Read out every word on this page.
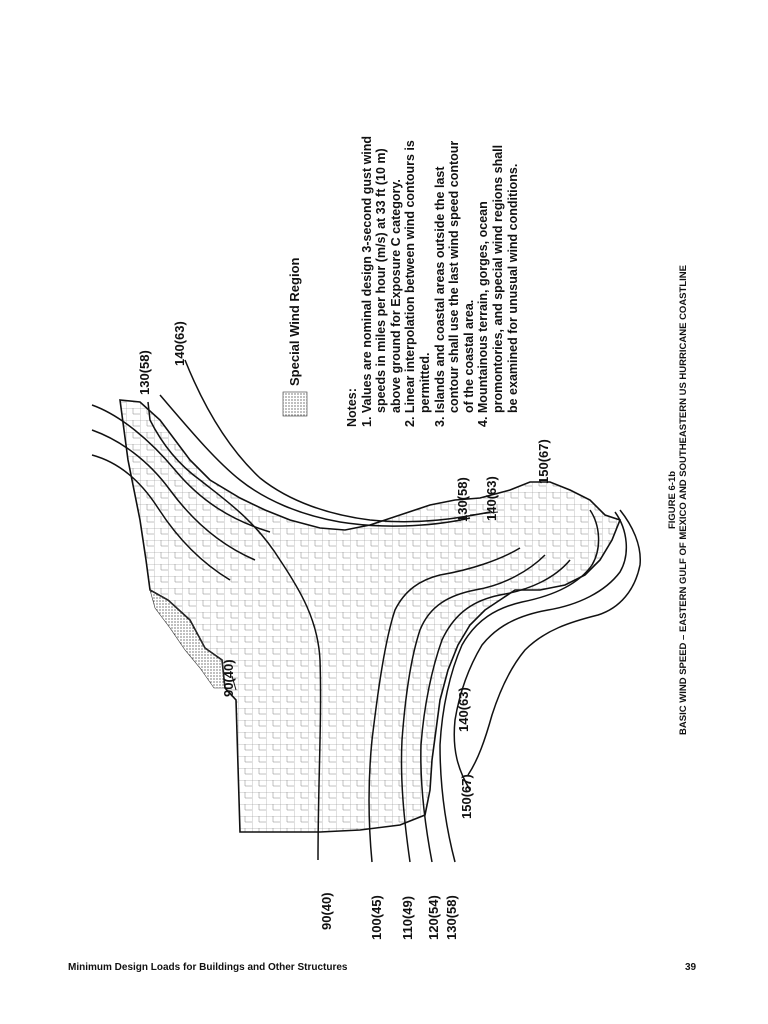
90(40)	100(45) 110(49) 120(54) 130(58)
150(67)
140(63)
90(40)
130(58) 140(63)
150(67)
130(58)
140(63)	Special Wind Region
Notes: 1. Values are nominal design 3-second gust wind speeds in miles per hour (m/s) at 33 ft (10 m) above ground for Exposure C category. 2. Linear interpolation between wind contours is permitted. 3. Islands and coastal areas outside the last contour shall use the last wind speed contour of the coastal area. 4. Mountainous terrain, gorges, ocean promontories, and special wind regions shall be examined for unusual wind conditions.
FIGURE 6-1b BASIC WIND SPEED – EASTERN GULF OF MEXICO AND SOUTHEASTERN US HURRICANE COASTLINE
Minimum Design Loads for Buildings and Other Structures	39
